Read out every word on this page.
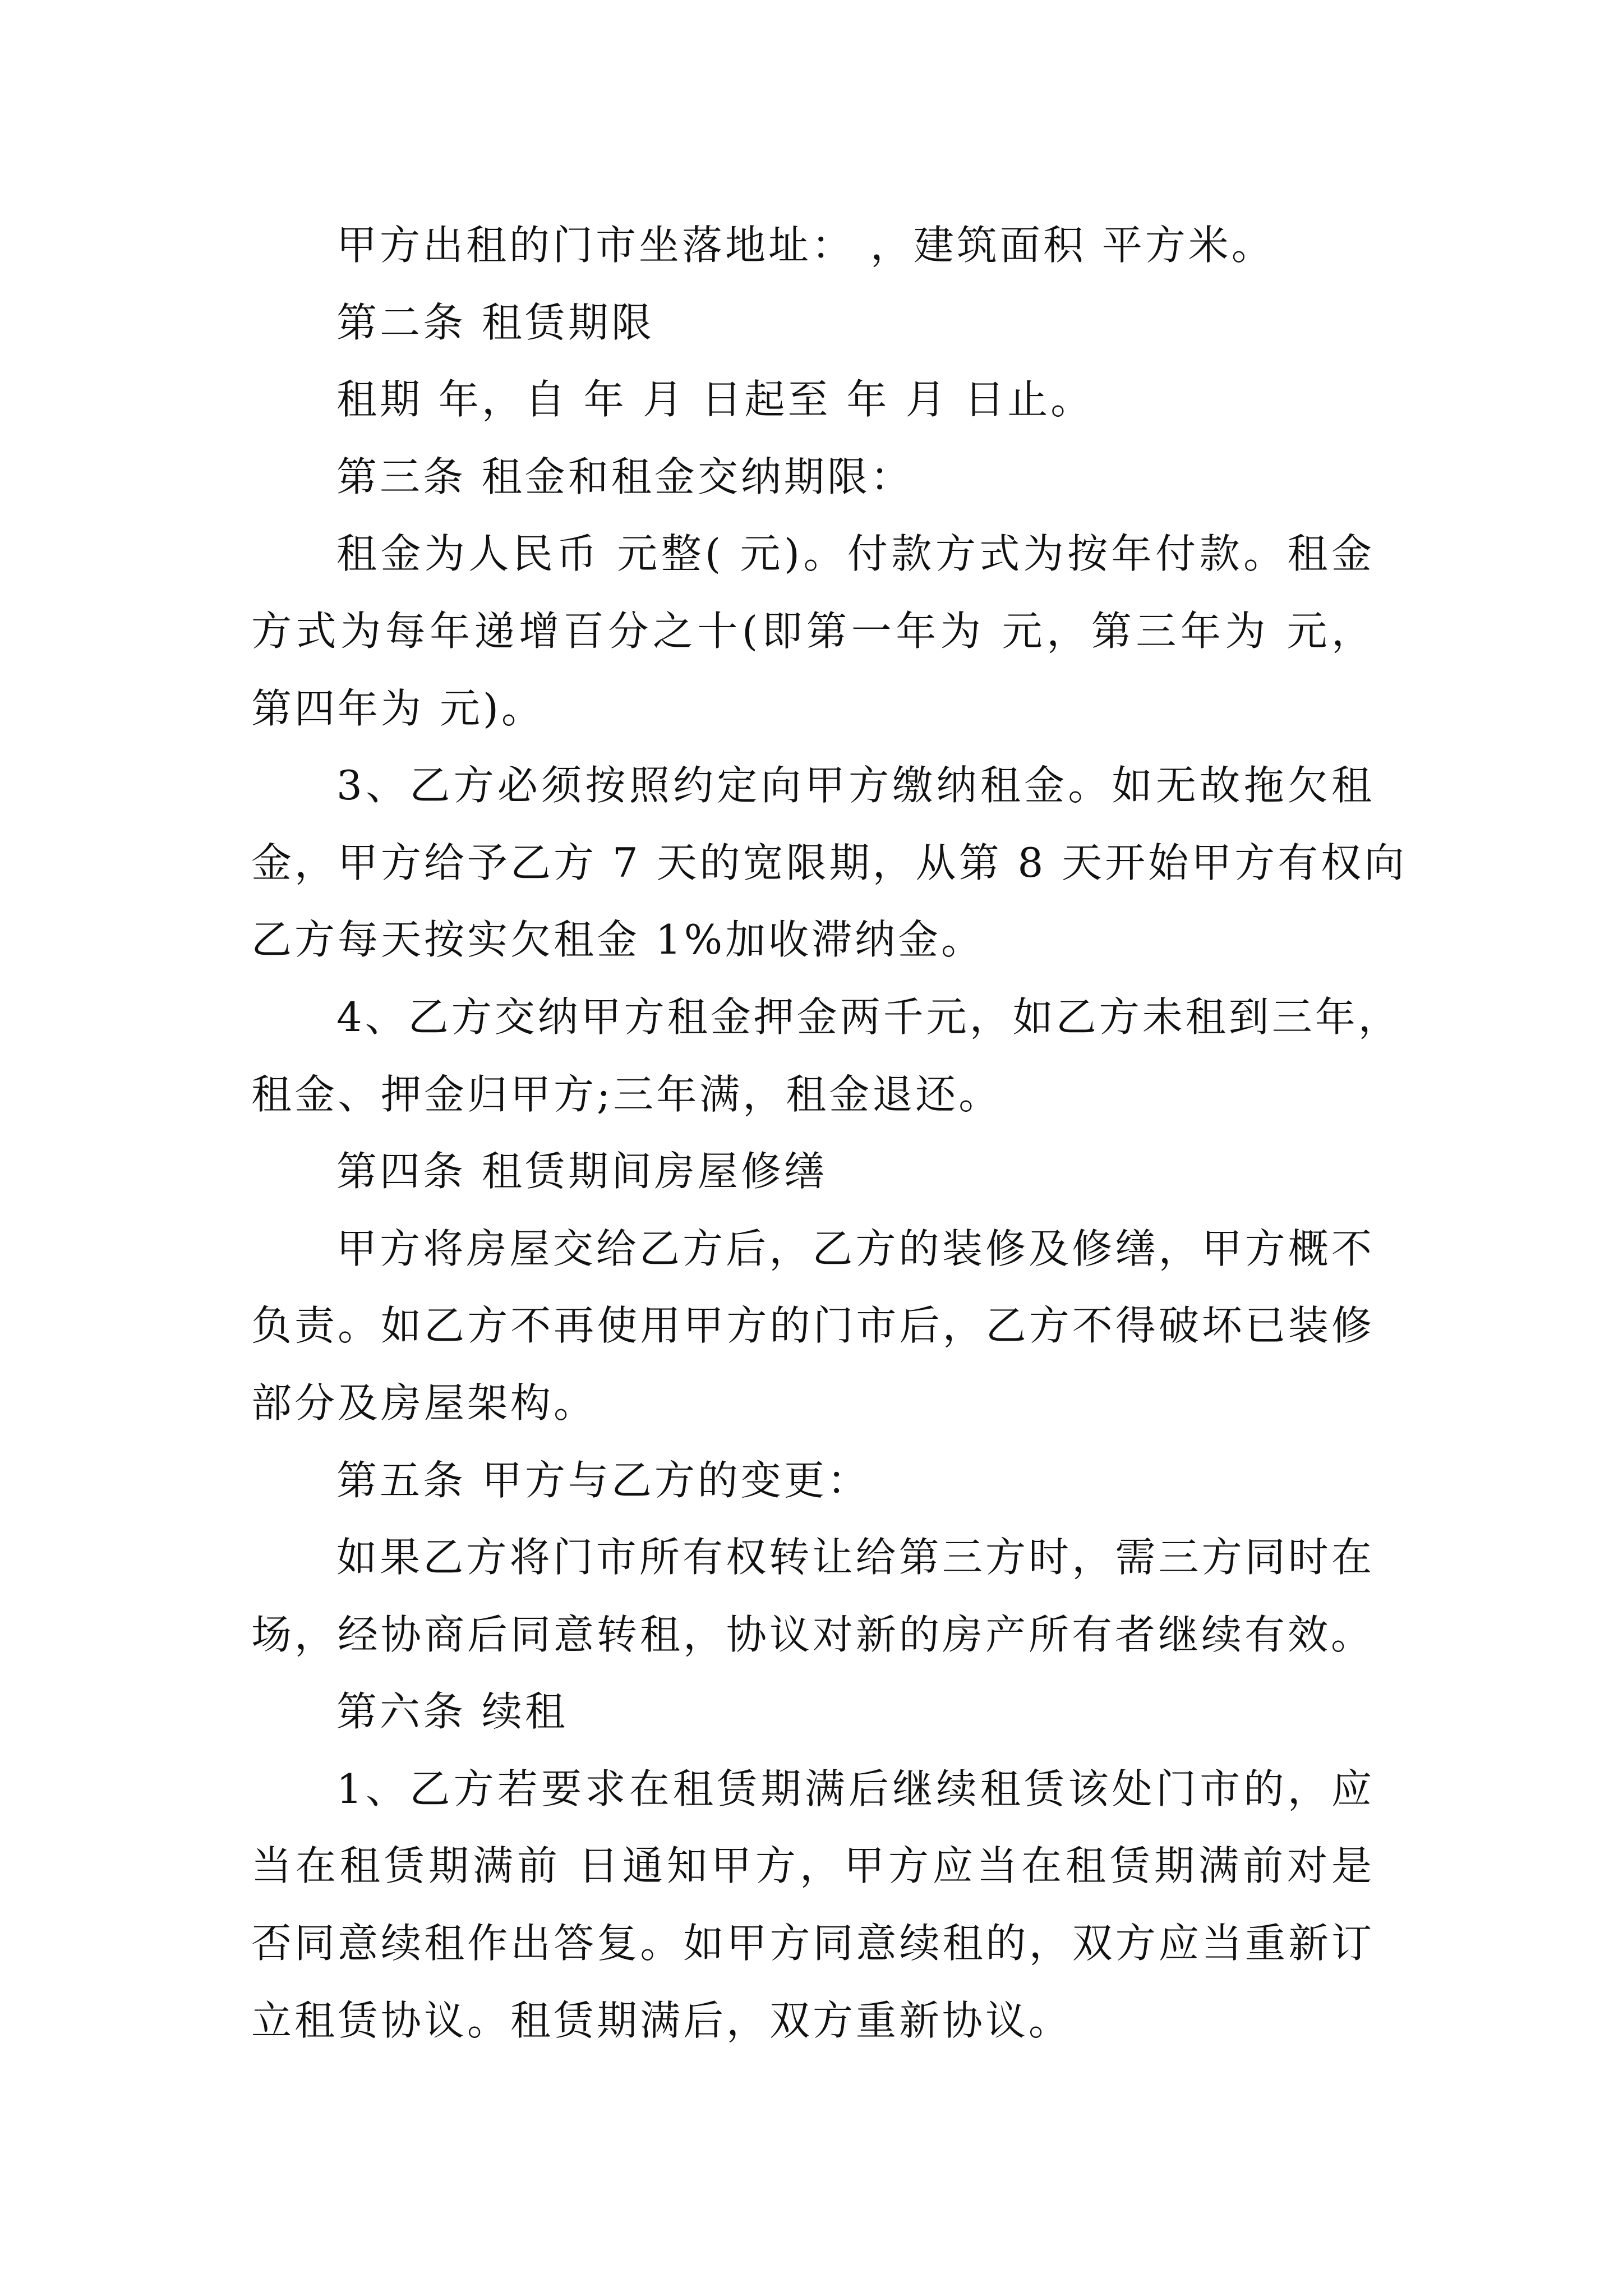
甲方出租的门市坐落地址： ，建筑面积 平方米。
第二条 租赁期限
租期 年，自 年 月 日起至 年 月 日止。
第三条 租金和租金交纳期限：
租金为人民币 元整( 元)。付款方式为按年付款。租金
方式为每年递增百分之十(即第一年为 元，第三年为 元，
第四年为 元)。
3、乙方必须按照约定向甲方缴纳租金。如无故拖欠租
金，甲方给予乙方 7 天的宽限期，从第 8 天开始甲方有权向
乙方每天按实欠租金 1%加收滞纳金。
4、乙方交纳甲方租金押金两千元，如乙方未租到三年，
租金、押金归甲方;三年满，租金退还。
第四条 租赁期间房屋修缮
甲方将房屋交给乙方后，乙方的装修及修缮，甲方概不
负责。如乙方不再使用甲方的门市后，乙方不得破坏已装修
部分及房屋架构。
第五条 甲方与乙方的变更：
如果乙方将门市所有权转让给第三方时，需三方同时在
场，经协商后同意转租，协议对新的房产所有者继续有效。
第六条 续租
1、乙方若要求在租赁期满后继续租赁该处门市的，应
当在租赁期满前 日通知甲方，甲方应当在租赁期满前对是
否同意续租作出答复。如甲方同意续租的，双方应当重新订
立租赁协议。租赁期满后，双方重新协议。
